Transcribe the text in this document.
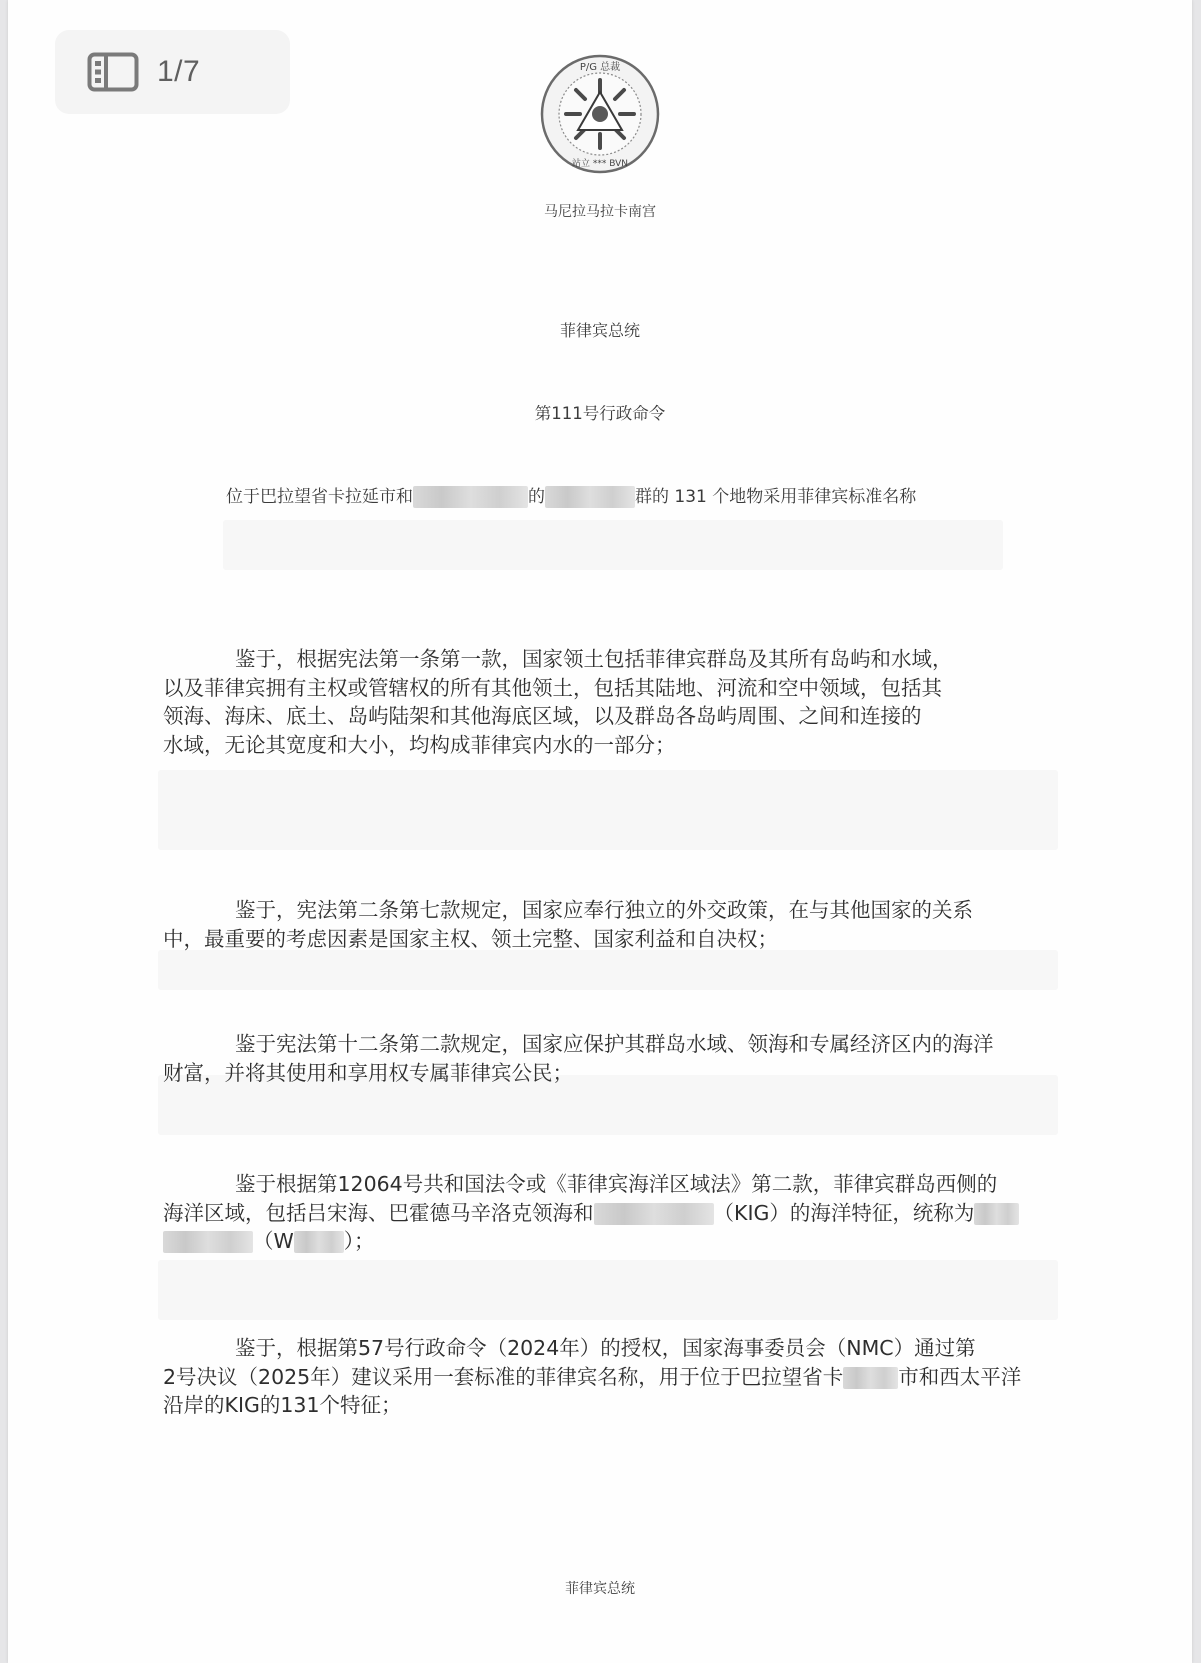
P/G 总裁
站立 *** BVN
马尼拉马拉卡南宫
菲律宾总统
第111号行政命令
位于巴拉望省卡拉延市和	的	群的 131 个地物采用菲律宾标准名称
鉴于，根据宪法第一条第一款，国家领土包括菲律宾群岛及其所有岛屿和水域，
以及菲律宾拥有主权或管辖权的所有其他领土，包括其陆地、河流和空中领域，包括其
领海、海床、底土、岛屿陆架和其他海底区域，以及群岛各岛屿周围、之间和连接的
水域，无论其宽度和大小，均构成菲律宾内水的一部分；
鉴于，宪法第二条第七款规定，国家应奉行独立的外交政策，在与其他国家的关系
中，最重要的考虑因素是国家主权、领土完整、国家利益和自决权；
鉴于宪法第十二条第二款规定，国家应保护其群岛水域、领海和专属经济区内的海洋
财富，并将其使用和享用权专属菲律宾公民；
鉴于根据第12064号共和国法令或《菲律宾海洋区域法》第二款，菲律宾群岛西侧的
海洋区域，包括吕宋海、巴霍德马辛洛克领海和	（KIG）的海洋特征，统称为
（W ）；
鉴于，根据第57号行政命令（2024年）的授权，国家海事委员会（NMC）通过第
2号决议（2025年）建议采用一套标准的菲律宾名称，用于位于巴拉望省卡	市和西太平洋
沿岸的KIG的131个特征；
菲律宾总统
1/7
